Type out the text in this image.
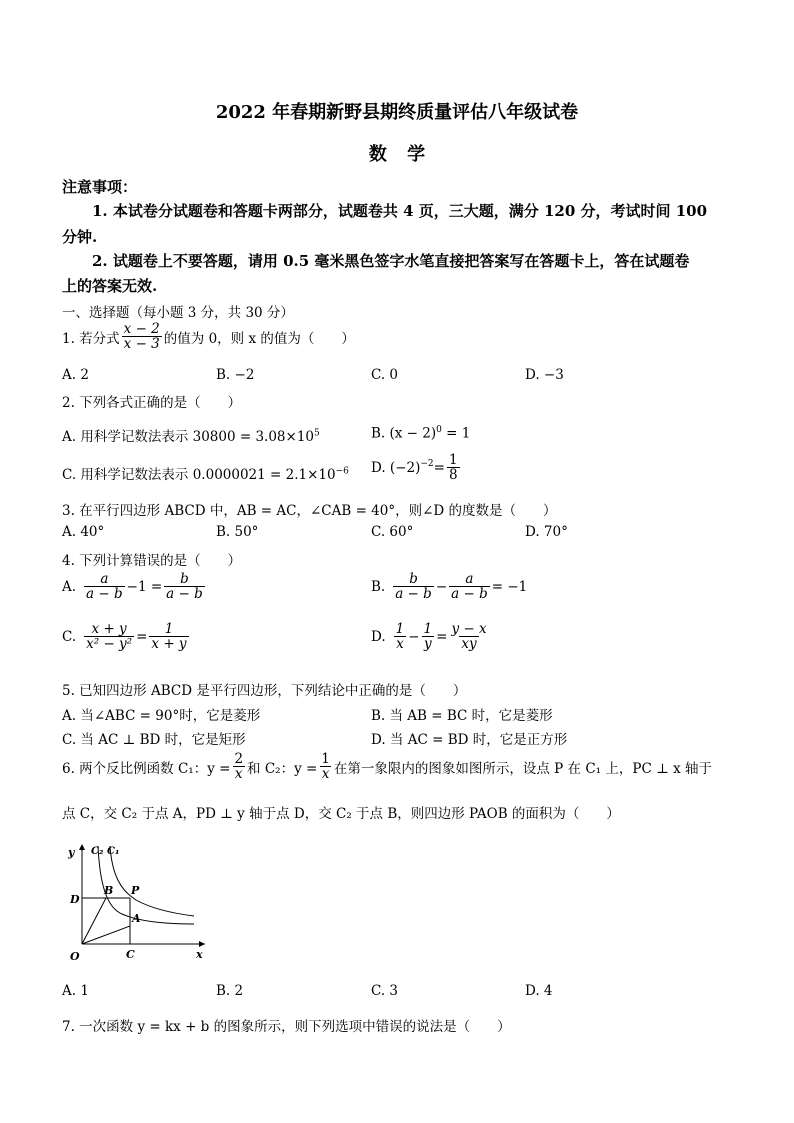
2022 年春期新野县期终质量评估八年级试卷
数 学
注意事项：
1. 本试卷分试题卷和答题卡两部分，试题卷共 4 页，三大题，满分 120 分，考试时间 100
分钟.
2. 试题卷上不要答题，请用 0.5 毫米黑色签字水笔直接把答案写在答题卡上，答在试题卷
上的答案无效.
一、选择题（每小题 3 分，共 30 分）
1. 若分式 $\frac{x - 2}{x - 3}$ 的值为 0，则 x 的值为（　　）
A. 2	B. −2	C. 0	D. −3
2. 下列各式正确的是（　　）
A. 用科学记数法表示 $30800 = 3.08\times 10^5$	B. $(x - 2)^0 = 1$
C. 用科学记数法表示 $0.0000021 = 2.1\times 10^{-6}$ D. $(-2)^{-2} = \frac{1}{8}$
3. 在平行四边形 ABCD 中，AB = AC，∠CAB = 40°，则∠D 的度数是（　　）
A. 40°	B. 50°	C. 60°	D. 70°
4. 下列计算错误的是（　　）
A. $\frac{a}{a - b} -1 = \frac{b}{a - b}$	B. $\frac{b}{a - b} - \frac{a}{a - b} = -1$
C. $\frac{x + y}{\text{x² − y²}} = \frac{1}{x + y}$	D. $\frac{1}{x} - \frac{1}{y} = \frac{y - x}{xy}$
5. 已知四边形 ABCD 是平行四边形，下列结论中正确的是（　　）
A. 当∠ABC = 90°时，它是菱形	B. 当 AB = BC 时，它是菱形
C. 当 AC ⊥ BD 时，它是矩形	D. 当 AC = BD 时，它是正方形
6. 两个反比例函数 C₁：$y = \frac{2}{x}$ 和 C₂：$y = \frac{1}{x}$ 在第一象限内的图象如图所示，设点 P 在 C₁ 上，PC ⊥ x 轴于
点 C，交 C₂ 于点 A，PD ⊥ y 轴于点 D，交 C₂ 于点 B，则四边形 PAOB 的面积为（　　）
y
x
O
C₂ C₁
D
B P
A
C
A. 1	B. 2	C. 3	D. 4
7. 一次函数 y = kx + b 的图象所示，则下列选项中错误的说法是（　　）
